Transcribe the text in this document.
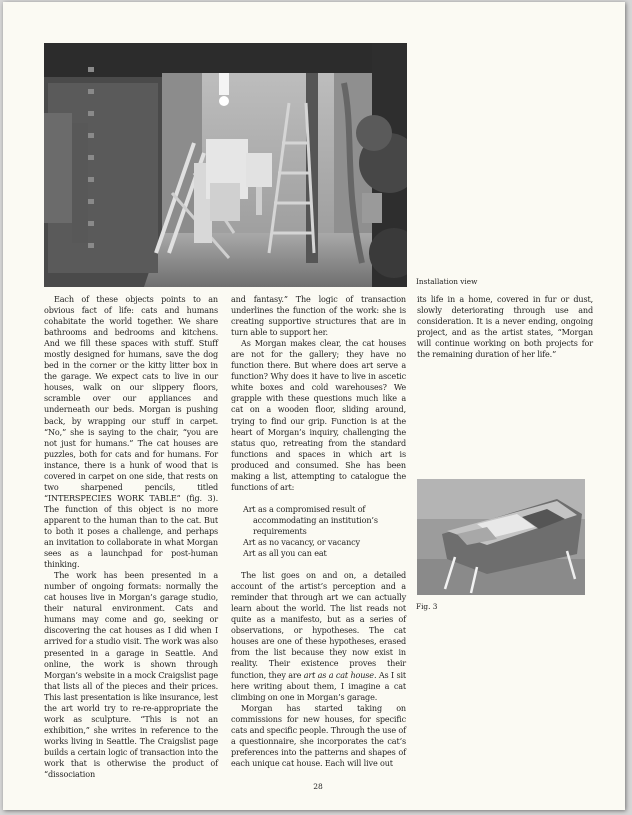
Installation view

Each of these objects points to an obvious fact of life: cats and humans cohabitate the world together. We share bathrooms and bedrooms and kitchens. And we fill these spaces with stuff. Stuff mostly designed for humans, save the dog bed in the corner or the kitty litter box in the garage. We expect cats to live in our houses, walk on our slippery floors, scramble over our appliances and underneath our beds. Morgan is pushing back, by wrapping our stuff in carpet. “No,” she is saying to the chair, “you are not just for humans.” The cat houses are puzzles, both for cats and for humans. For instance, there is a hunk of wood that is covered in carpet on one side, that rests on two sharpened pencils, titled “INTERSPECIES WORK TABLE” (fig. 3). The function of this object is no more apparent to the human than to the cat. But to both it poses a challenge, and perhaps an invitation to collaborate in what Morgan sees as a launchpad for post-human thinking.

The work has been presented in a number of ongoing formats: normally the cat houses live in Morgan’s garage studio, their natural environment. Cats and humans may come and go, seeking or discovering the cat houses as I did when I arrived for a studio visit. The work was also presented in a garage in Seattle. And online, the work is shown through Morgan’s website in a mock Craigslist page that lists all of the pieces and their prices. This last presentation is like insurance, lest the art world try to re-re-appropriate the work as sculpture. “This is not an exhibition,” she writes in reference to the works living in Seattle. The Craigslist page builds a certain logic of transaction into the work that is otherwise the product of “dissociation

and fantasy.” The logic of transaction underlines the function of the work: she is creating supportive structures that are in turn able to support her.

As Morgan makes clear, the cat houses are not for the gallery; they have no function there. But where does art serve a function? Why does it have to live in ascetic white boxes and cold warehouses? We grapple with these questions much like a cat on a wooden floor, sliding around, trying to find our grip. Function is at the heart of Morgan’s inquiry, challenging the status quo, retreating from the standard functions and spaces in which art is produced and consumed. She has been making a list, attempting to catalogue the functions of art:

Art as a compromised result of accommodating an institution’s requirements
Art as no vacancy, or vacancy
Art as all you can eat

The list goes on and on, a detailed account of the artist’s perception and a reminder that through art we can actually learn about the world. The list reads not quite as a manifesto, but as a series of observations, or hypotheses. The cat houses are one of these hypotheses, erased from the list because they now exist in reality. Their existence proves their function, they are art as a cat house. As I sit here writing about them, I imagine a cat climbing on one in Morgan’s garage.

Morgan has started taking on commissions for new houses, for specific cats and specific people. Through the use of a questionnaire, she incorporates the cat’s preferences into the patterns and shapes of each unique cat house. Each will live out

its life in a home, covered in fur or dust, slowly deteriorating through use and consideration. It is a never ending, ongoing project, and as the artist states, “Morgan will continue working on both projects for the remaining duration of her life.”

Fig. 3
28
